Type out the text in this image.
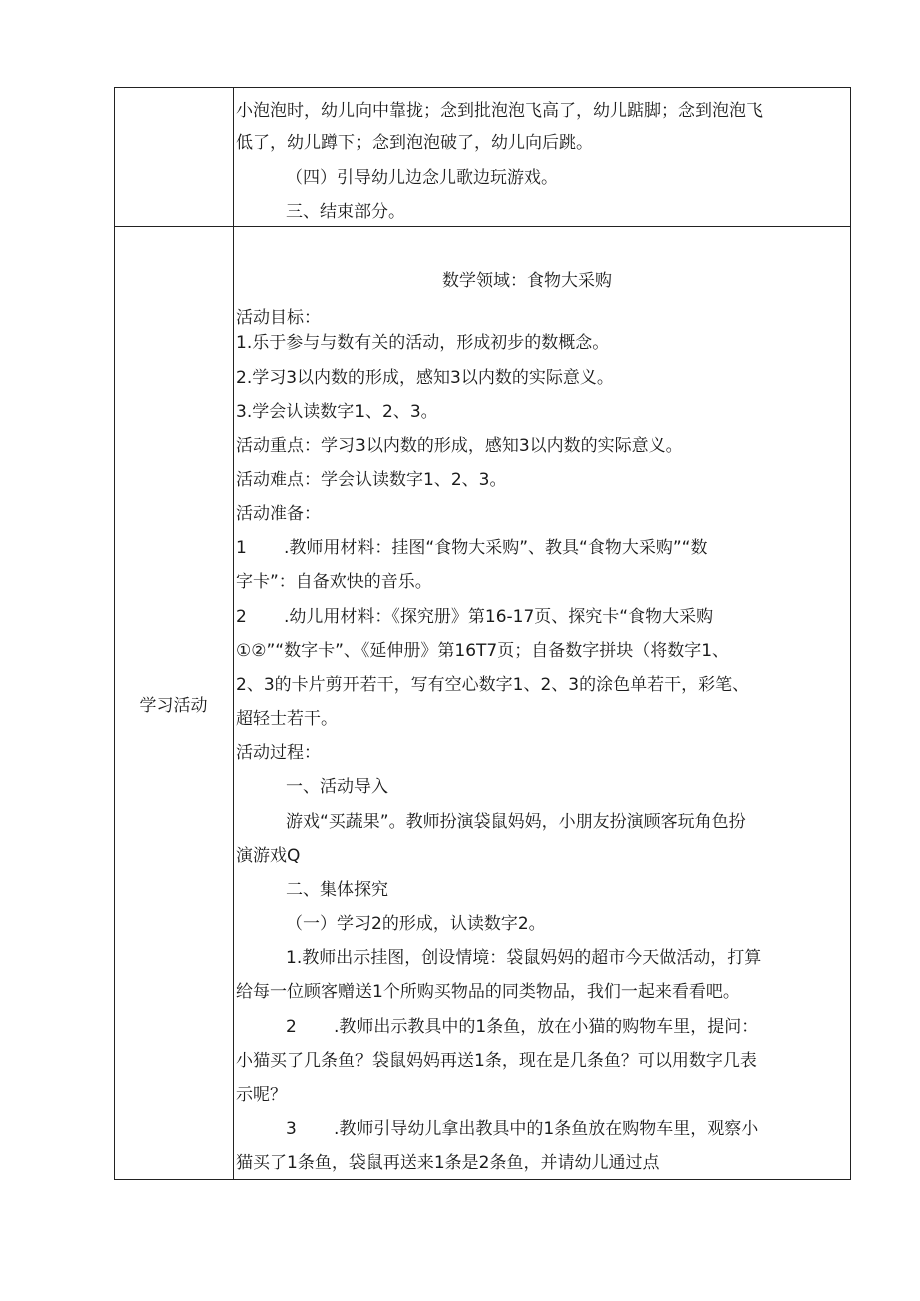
小泡泡时，幼儿向中靠拢；念到批泡泡飞高了，幼儿踮脚；念到泡泡飞
低了，幼儿蹲下；念到泡泡破了，幼儿向后跳。
（四）引导幼儿边念儿歌边玩游戏。
三、结束部分。
学习活动
数学领域：食物大采购
活动目标：
1.乐于参与与数有关的活动，形成初步的数概念。
2.学习3以内数的形成，感知3以内数的实际意义。
3.学会认读数字1、2、3。
活动重点：学习3以内数的形成，感知3以内数的实际意义。
活动难点：学会认读数字1、2、3。
活动准备：
1 .教师用材料：挂图“食物大采购”、教具“食物大采购”“数
字卡”：自备欢快的音乐。
2 .幼儿用材料：《探究册》第16-17页、探究卡“食物大采购
①②”“数字卡”、《延伸册》第16T7页；自备数字拼块（将数字1、
2、3的卡片剪开若干，写有空心数字1、2、3的涂色单若干，彩笔、
超轻士若干。
活动过程：
一、活动导入
游戏“买蔬果”。教师扮演袋鼠妈妈，小朋友扮演顾客玩角色扮
演游戏Q
二、集体探究
（一）学习2的形成，认读数字2。
1.教师出示挂图，创设情境：袋鼠妈妈的超市今天做活动，打算
给每一位顾客赠送1个所购买物品的同类物品，我们一起来看看吧。
2 .教师出示教具中的1条鱼，放在小猫的购物车里，提问：
小猫买了几条鱼？袋鼠妈妈再送1条，现在是几条鱼？可以用数字几表
示呢？
3 .教师引导幼儿拿出教具中的1条鱼放在购物车里，观察小
猫买了1条鱼，袋鼠再送来1条是2条鱼，并请幼儿通过点
